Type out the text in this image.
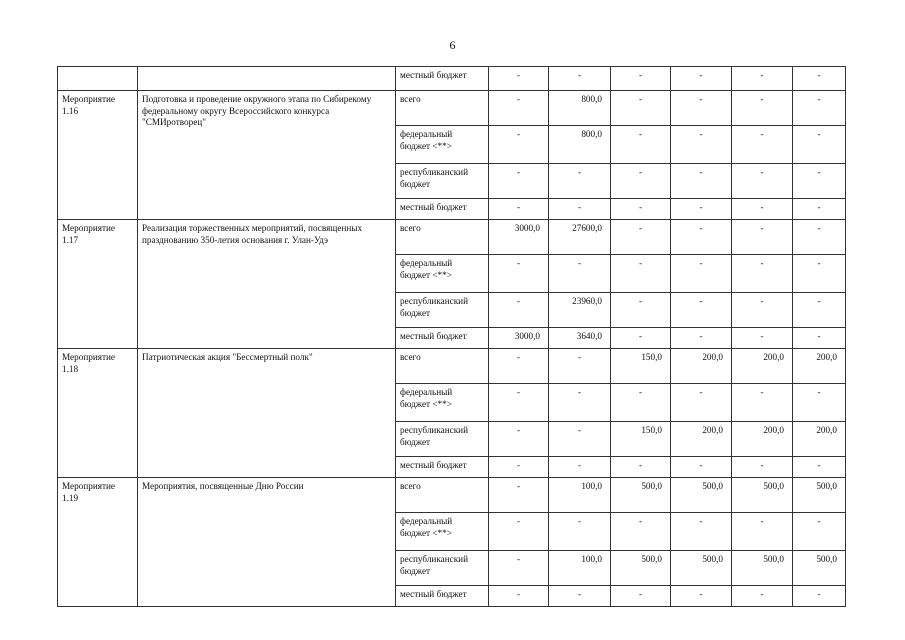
6
		местный бюджет	-	-	-	-	-	-
Мероприятие 1.16	Подготовка и проведение окружного этапа по Сибирекому федеральному округу Всероссийского конкурса "СМИротворец"	всего	-	800,0	-	-	-	-
		федеральный бюджет <**>	-	800,0	-	-	-	-
		республиканский бюджет	-	-	-	-	-	-
		местный бюджет	-	-	-	-	-	-
Мероприятие 1.17	Реализация торжественных мероприятий, посвященных празднованию 350-летия основания г. Улан-Удэ	всего	3000,0	27600,0	-	-	-	-
		федеральный бюджет <**>	-	-	-	-	-	-
		республиканский бюджет	-	23960,0	-	-	-	-
		местный бюджет	3000,0	3640,0	-	-	-	-
Мероприятие 1.18	Патриотическая акция "Бессмертный полк"	всего	-	-	150,0	200,0	200,0	200,0
		федеральный бюджет <**>	-	-	-	-	-	-
		республиканский бюджет	-	-	150,0	200,0	200,0	200,0
		местный бюджет	-	-	-	-	-	-
Мероприятие 1.19	Мероприятия, посвященные Дню России	всего	-	100,0	500,0	500,0	500,0	500,0
		федеральный бюджет <**>	-	-	-	-	-	-
		республиканский бюджет	-	100,0	500,0	500,0	500,0	500,0
		местный бюджет	-	-	-	-	-	-
